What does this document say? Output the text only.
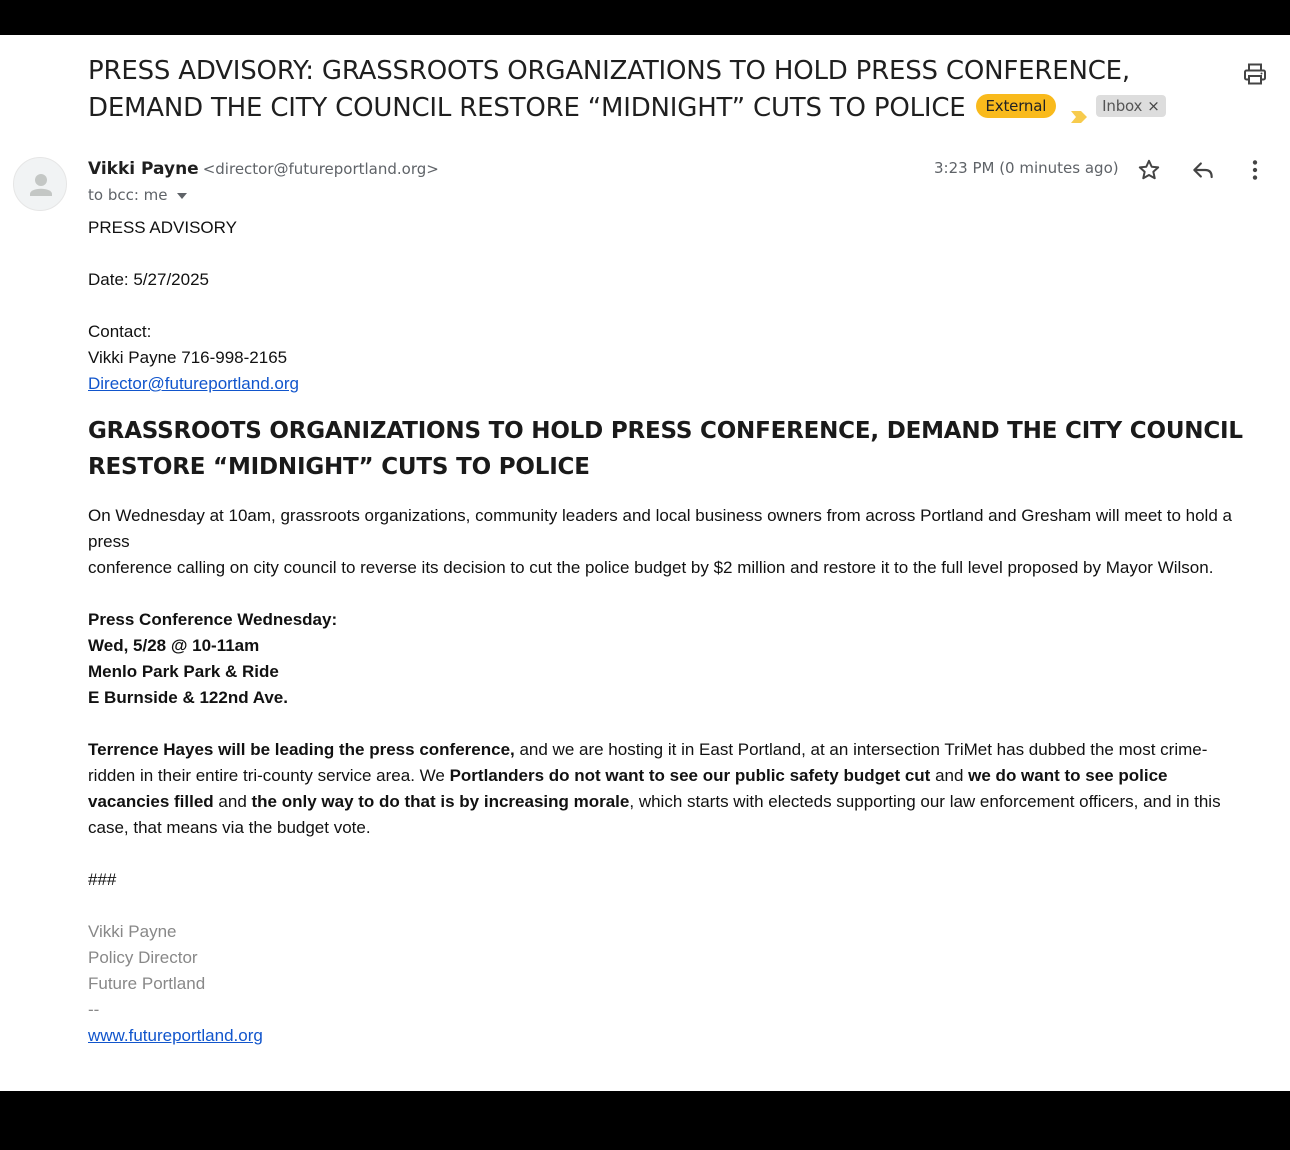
PRESS ADVISORY: GRASSROOTS ORGANIZATIONS TO HOLD PRESS CONFERENCE,
DEMAND THE CITY COUNCIL RESTORE “MIDNIGHT” CUTS TO POLICE External	Inbox ×
Vikki Payne <director@futureportland.org>
to bcc: me
3:23 PM (0 minutes ago)

PRESS ADVISORY

Date: 5/27/2025

Contact:

Vikki Payne 716-998-2165

Director@futureportland.org

GRASSROOTS ORGANIZATIONS TO HOLD PRESS CONFERENCE, DEMAND THE CITY COUNCIL
RESTORE “MIDNIGHT” CUTS TO POLICE

On Wednesday at 10am, grassroots organizations, community leaders and local business owners from across Portland and Gresham will meet to hold a

press

conference calling on city council to reverse its decision to cut the police budget by $2 million and restore it to the full level proposed by Mayor Wilson.

Press Conference Wednesday:

Wed, 5/28 @ 10-11am

Menlo Park Park & Ride

E Burnside & 122nd Ave.

Terrence Hayes will be leading the press conference, and we are hosting it in East Portland, at an intersection TriMet has dubbed the most crime-

ridden in their entire tri-county service area. We Portlanders do not want to see our public safety budget cut and we do want to see police

vacancies filled and the only way to do that is by increasing morale, which starts with electeds supporting our law enforcement officers, and in this

case, that means via the budget vote.

###

Vikki Payne

Policy Director

Future Portland

--

www.futureportland.org
